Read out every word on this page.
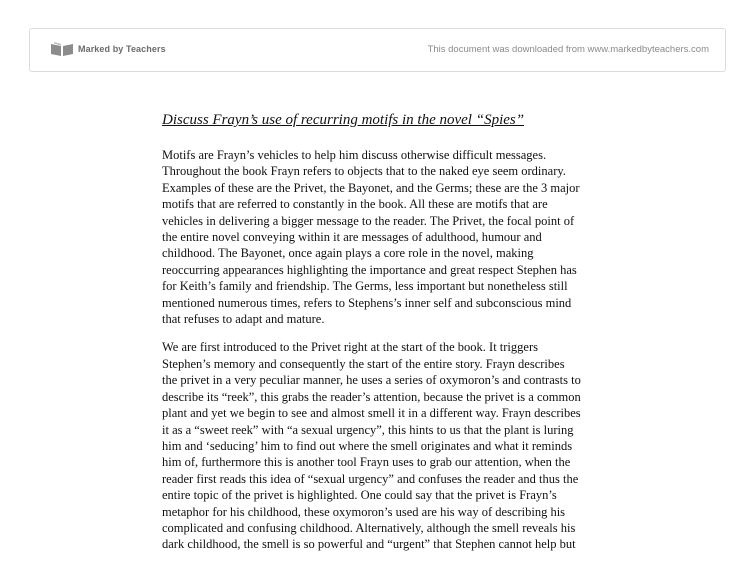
Marked by Teachers	This document was downloaded from www.markedbyteachers.com
Discuss Frayn’s use of recurring motifs in the novel “Spies”

Motifs are Frayn’s vehicles to help him discuss otherwise difficult messages.
Throughout the book Frayn refers to objects that to the naked eye seem ordinary.
Examples of these are the Privet, the Bayonet, and the Germs; these are the 3 major
motifs that are referred to constantly in the book. All these are motifs that are
vehicles in delivering a bigger message to the reader. The Privet, the focal point of
the entire novel conveying within it are messages of adulthood, humour and
childhood. The Bayonet, once again plays a core role in the novel, making
reoccurring appearances highlighting the importance and great respect Stephen has
for Keith’s family and friendship. The Germs, less important but nonetheless still
mentioned numerous times, refers to Stephens’s inner self and subconscious mind
that refuses to adapt and mature.

We are first introduced to the Privet right at the start of the book. It triggers
Stephen’s memory and consequently the start of the entire story. Frayn describes
the privet in a very peculiar manner, he uses a series of oxymoron’s and contrasts to
describe its “reek”, this grabs the reader’s attention, because the privet is a common
plant and yet we begin to see and almost smell it in a different way. Frayn describes
it as a “sweet reek” with “a sexual urgency”, this hints to us that the plant is luring
him and ‘seducing’ him to find out where the smell originates and what it reminds
him of, furthermore this is another tool Frayn uses to grab our attention, when the
reader first reads this idea of “sexual urgency” and confuses the reader and thus the
entire topic of the privet is highlighted. One could say that the privet is Frayn’s
metaphor for his childhood, these oxymoron’s used are his way of describing his
complicated and confusing childhood. Alternatively, although the smell reveals his
dark childhood, the smell is so powerful and “urgent” that Stephen cannot help but
